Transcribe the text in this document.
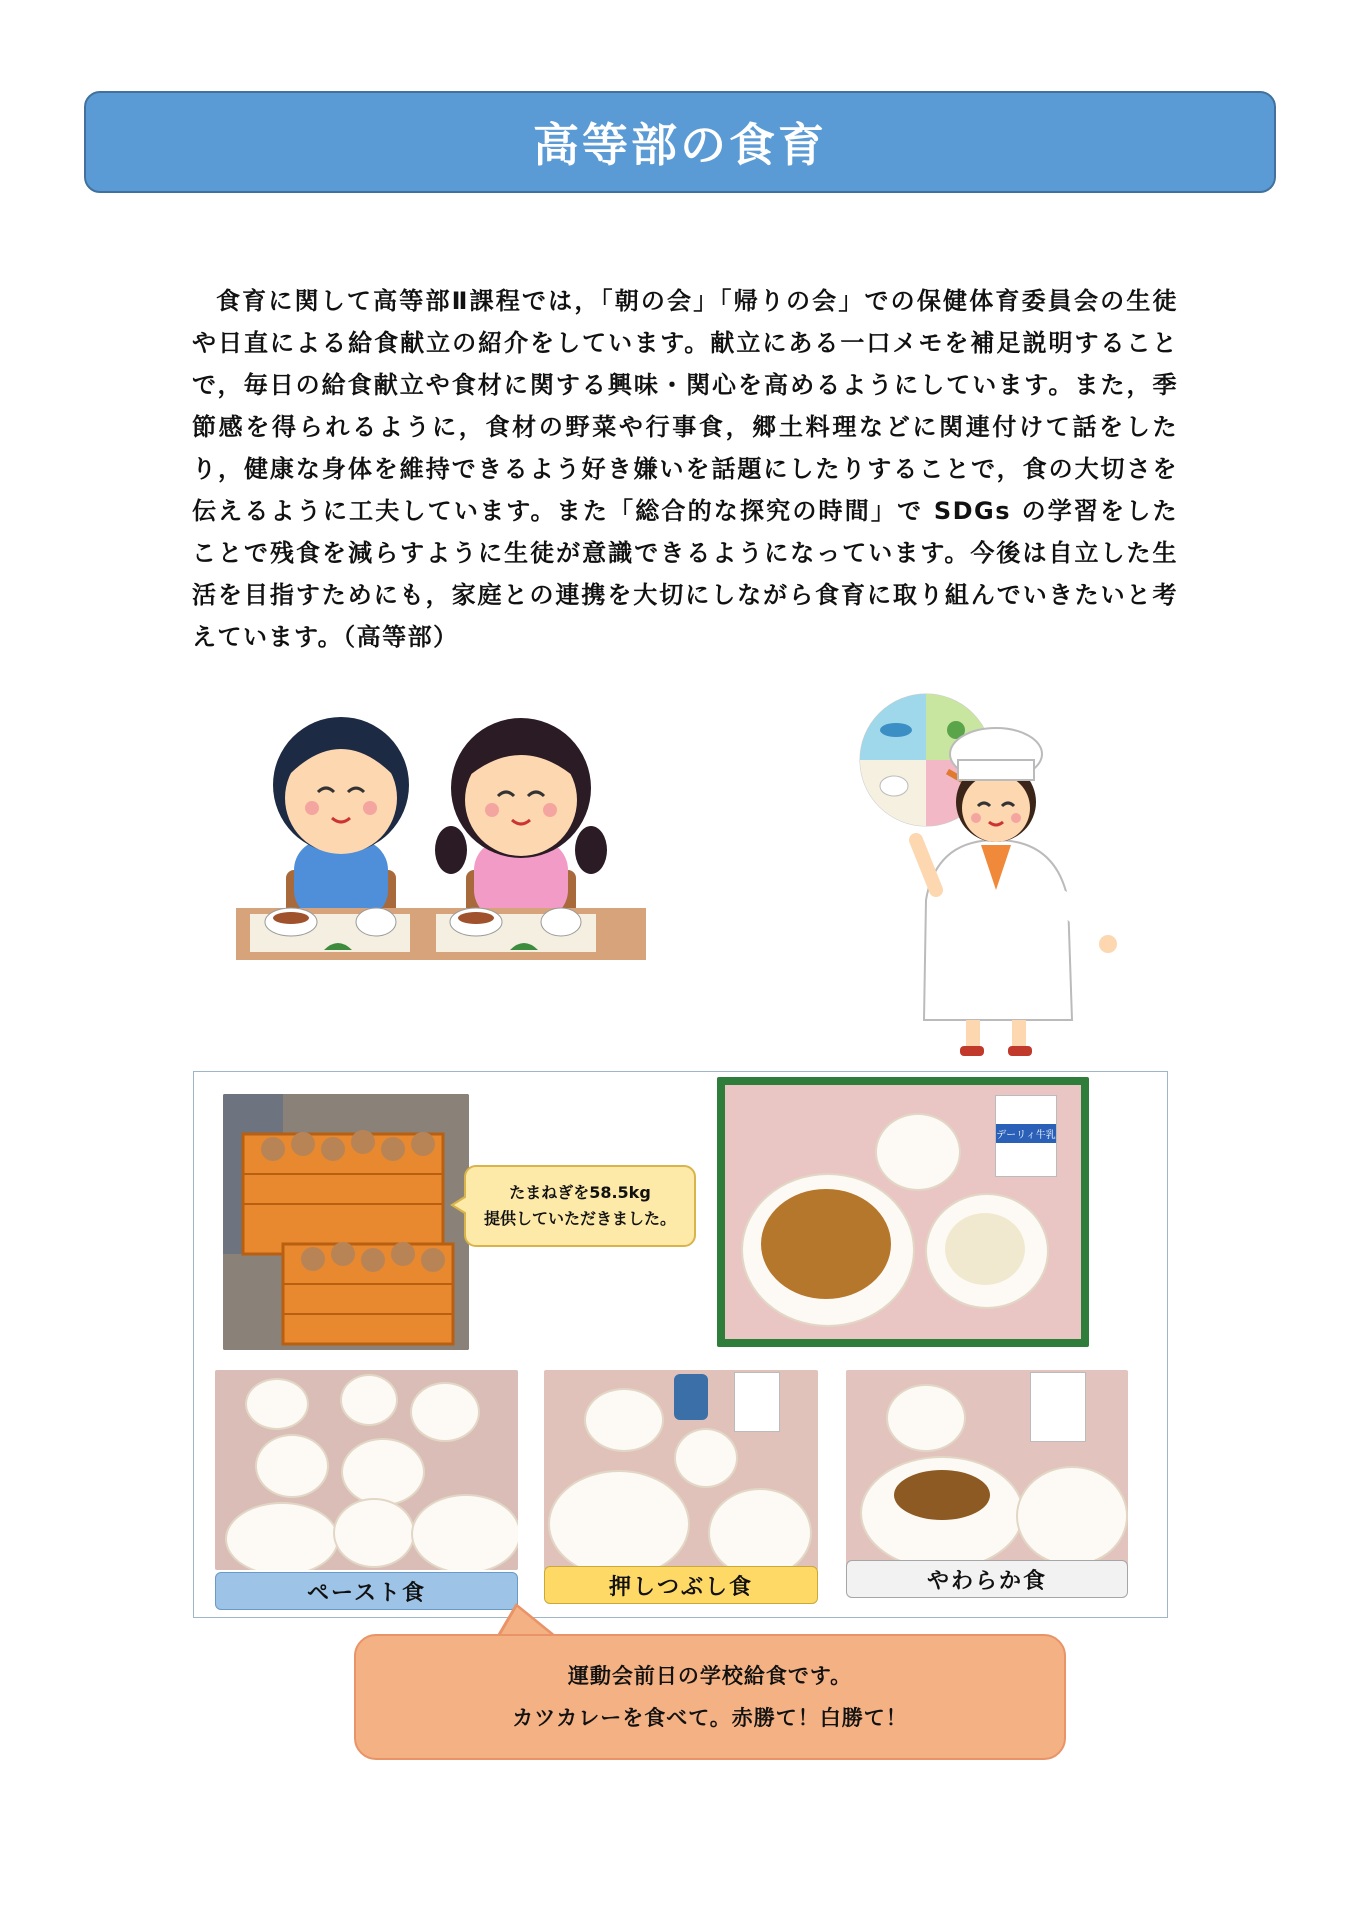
高等部の食育

食育に関して高等部Ⅱ課程では，「朝の会」「帰りの会」での保健体育委員会の生徒や日直による給食献立の紹介をしています。献立にある一口メモを補足説明することで，毎日の給食献立や食材に関する興味・関心を高めるようにしています。また，季節感を得られるように，食材の野菜や行事食，郷土料理などに関連付けて話をしたり，健康な身体を維持できるよう好き嫌いを話題にしたりすることで，食の大切さを伝えるように工夫しています。また「総合的な探究の時間」で SDGs の学習をしたことで残食を減らすように生徒が意識できるようになっています。今後は自立した生活を目指すためにも，家庭との連携を大切にしながら食育に取り組んでいきたいと考えています。（高等部）

たまねぎを58.5kg
提供していただきました。
デーリィ牛乳
ペースト食	押しつぶし食	やわらか食
運動会前日の学校給食です。
カツカレーを食べて。赤勝て！白勝て！
